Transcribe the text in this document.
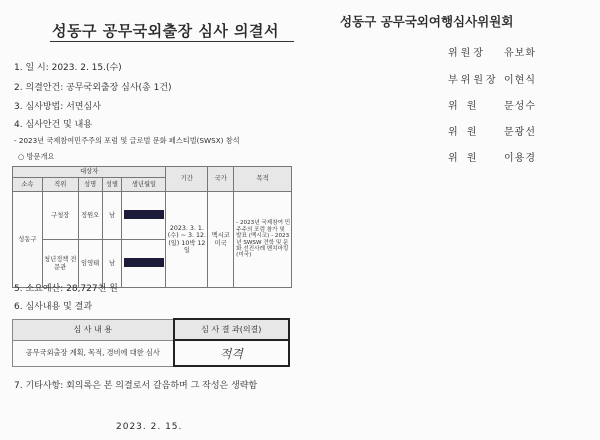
성동구 공무국외출장 심사 의결서
성동구 공무국외여행심사위원회
위원장 유보화
부위원장 이현식
위 원 문성수
위 원 문광선
위 원 이용경
1. 일 시: 2023. 2. 15.(수)
2. 의결안건: 공무국외출장 심사(총 1건)
3. 심사방법: 서면심사
4. 심사안건 및 내용
- 2023년 국제참여민주주의 포럼 및 글로벌 문화 페스티벌(SWSX) 참석
○ 방문개요
대상자					기간	국가	목적
소속	직위	성명	성별	생년월일			
성동구	구청장	정원오	남		2023. 3. 1.(수) ~ 3. 12.(일) 10박 12일	멕시코 미국	- 2023년 국제참여 민주주의 포럼 참가 및 발표 (멕시코) - 2023년 SWSW 견학 및 문화 선진사례 벤치마킹 (미국)
	청년정책 전문관	임영태	남				
5. 소요예산: 28,727천 원
6. 심사내용 및 결과
심 사 내 용	심 사 결 과(의결)
공무국외출장 계획, 목적, 경비에 대한 심사	적격
7. 기타사항: 회의록은 본 의결로서 갈음하며 그 작성은 생략함
2023. 2. 15.
